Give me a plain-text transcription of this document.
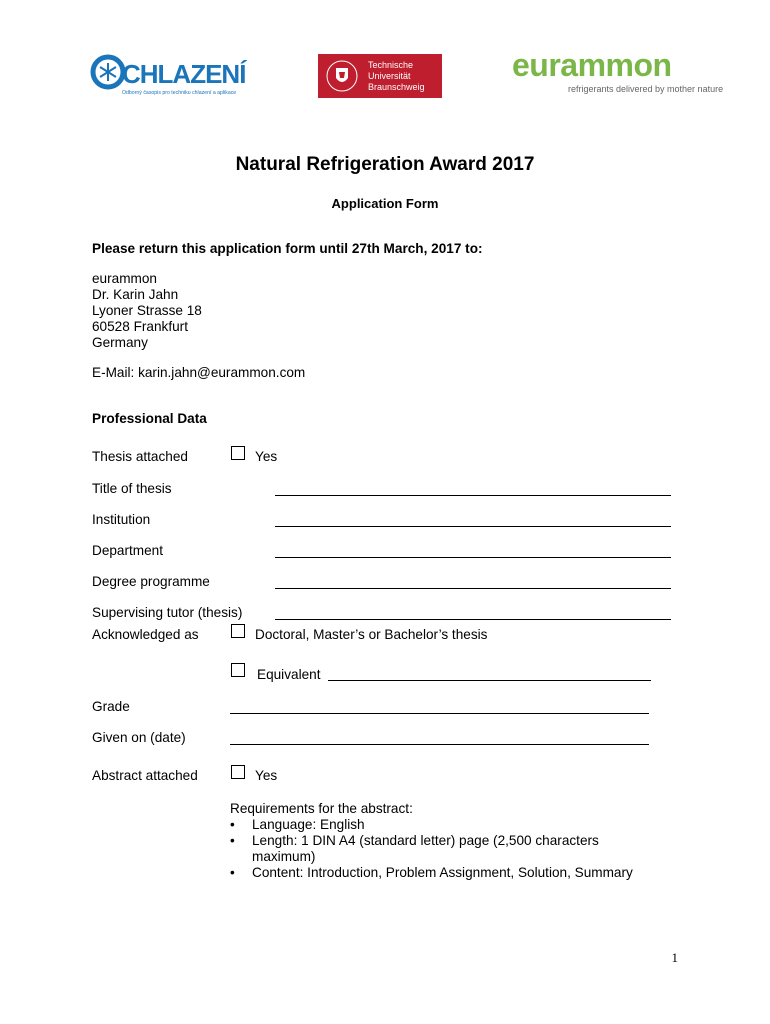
CHLAZENÍ
Odborný časopis pro techniku chlazení a aplikace
Technische
Universität
Braunschweig
eurammon
refrigerants delivered by mother nature
Natural Refrigeration Award 2017
Application Form
Please return this application form until 27th March, 2017 to:
eurammon
Dr. Karin Jahn
Lyoner Strasse 18
60528 Frankfurt
Germany
E-Mail: karin.jahn@eurammon.com
Professional Data
Thesis attached	Yes
Title of thesis
Institution
Department
Degree programme
Supervising tutor (thesis)
Acknowledged as	Doctoral, Master’s or Bachelor’s thesis
Equivalent
Grade
Given on (date)
Abstract attached	Yes
Requirements for the abstract:
• Language: English
• Length: 1 DIN A4 (standard letter) page (2,500 characters maximum)
• Content: Introduction, Problem Assignment, Solution, Summary
1
